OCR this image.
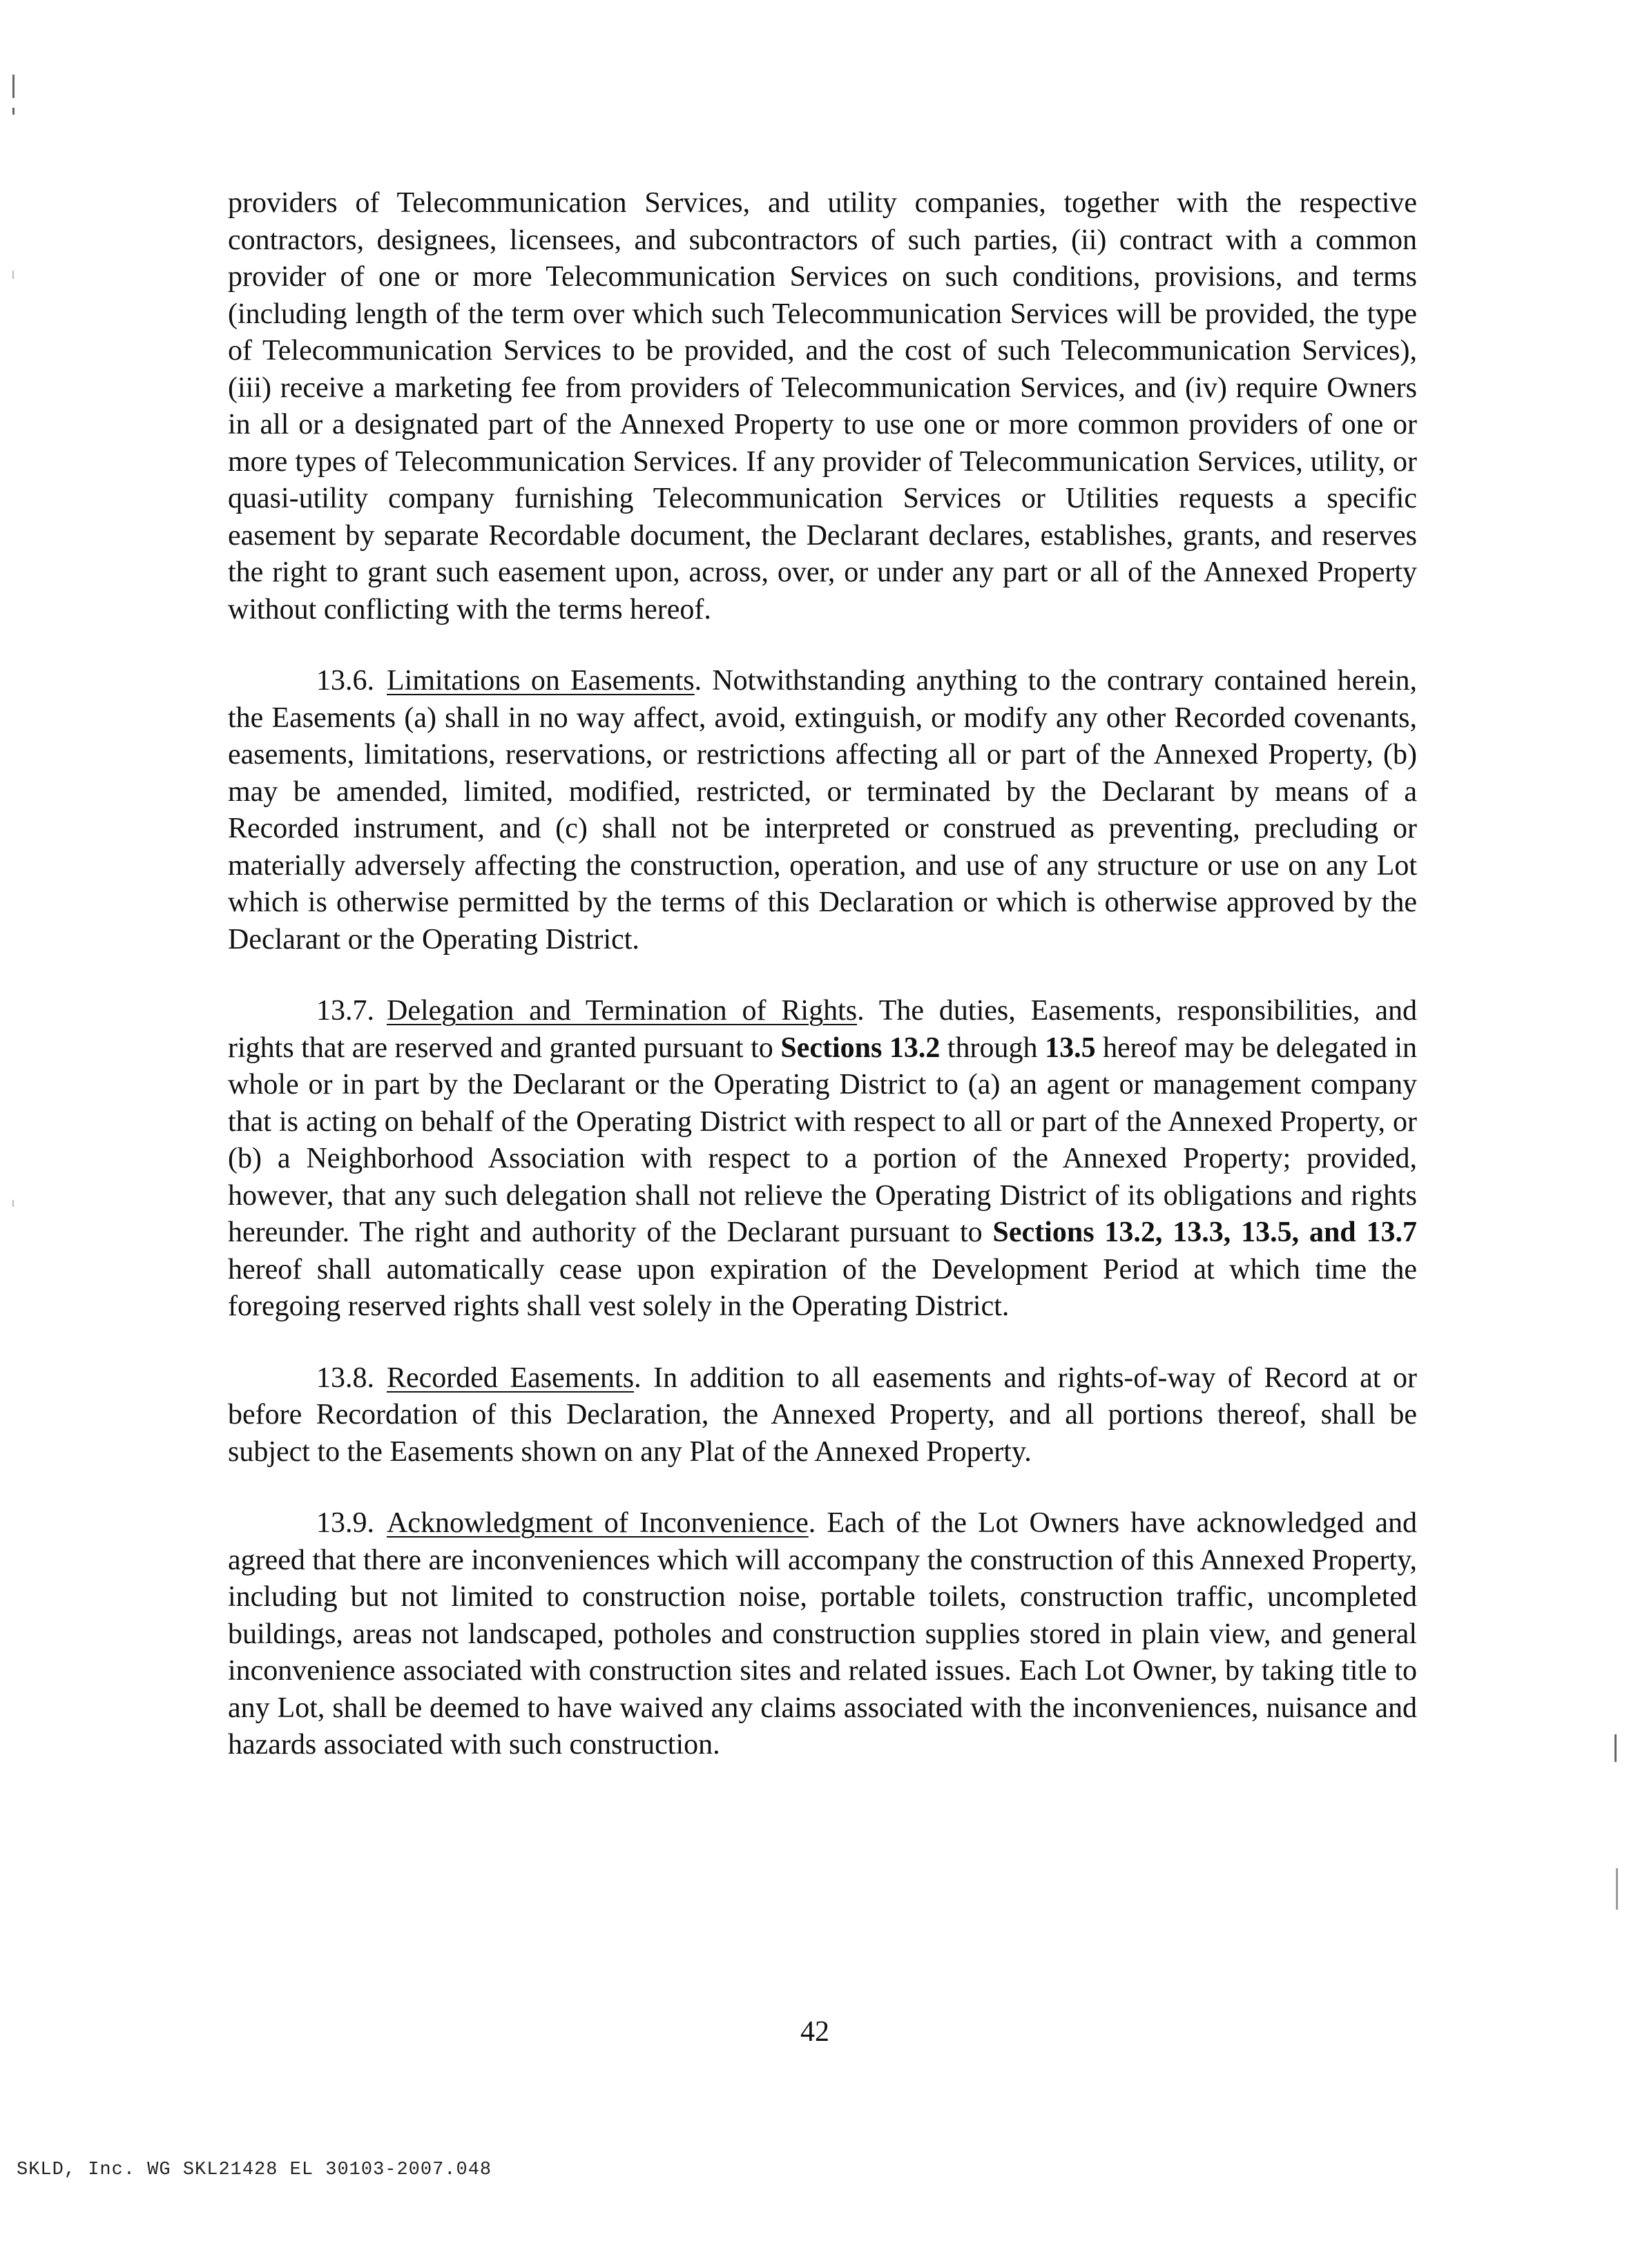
providers of Telecommunication Services, and utility companies, together with the respective contractors, designees, licensees, and subcontractors of such parties, (ii) contract with a common provider of one or more Telecommunication Services on such conditions, provisions, and terms (including length of the term over which such Telecommunication Services will be provided, the type of Telecommunication Services to be provided, and the cost of such Telecommunication Services), (iii) receive a marketing fee from providers of Telecommunication Services, and (iv) require Owners in all or a designated part of the Annexed Property to use one or more common providers of one or more types of Telecommunication Services. If any provider of Telecommunication Services, utility, or quasi-utility company furnishing Telecommunication Services or Utilities requests a specific easement by separate Recordable document, the Declarant declares, establishes, grants, and reserves the right to grant such easement upon, across, over, or under any part or all of the Annexed Property without conflicting with the terms hereof.

13.6. Limitations on Easements. Notwithstanding anything to the contrary contained herein, the Easements (a) shall in no way affect, avoid, extinguish, or modify any other Recorded covenants, easements, limitations, reservations, or restrictions affecting all or part of the Annexed Property, (b) may be amended, limited, modified, restricted, or terminated by the Declarant by means of a Recorded instrument, and (c) shall not be interpreted or construed as preventing, precluding or materially adversely affecting the construction, operation, and use of any structure or use on any Lot which is otherwise permitted by the terms of this Declaration or which is otherwise approved by the Declarant or the Operating District.

13.7. Delegation and Termination of Rights. The duties, Easements, responsibilities, and rights that are reserved and granted pursuant to Sections 13.2 through 13.5 hereof may be delegated in whole or in part by the Declarant or the Operating District to (a) an agent or management company that is acting on behalf of the Operating District with respect to all or part of the Annexed Property, or (b) a Neighborhood Association with respect to a portion of the Annexed Property; provided, however, that any such delegation shall not relieve the Operating District of its obligations and rights hereunder. The right and authority of the Declarant pursuant to Sections 13.2, 13.3, 13.5, and 13.7 hereof shall automatically cease upon expiration of the Development Period at which time the foregoing reserved rights shall vest solely in the Operating District.

13.8. Recorded Easements. In addition to all easements and rights-of-way of Record at or before Recordation of this Declaration, the Annexed Property, and all portions thereof, shall be subject to the Easements shown on any Plat of the Annexed Property.

13.9. Acknowledgment of Inconvenience. Each of the Lot Owners have acknowledged and agreed that there are inconveniences which will accompany the construction of this Annexed Property, including but not limited to construction noise, portable toilets, construction traffic, uncompleted buildings, areas not landscaped, potholes and construction supplies stored in plain view, and general inconvenience associated with construction sites and related issues. Each Lot Owner, by taking title to any Lot, shall be deemed to have waived any claims associated with the inconveniences, nuisance and hazards associated with such construction.

42
SKLD, Inc. WG SKL21428 EL 30103-2007.048
